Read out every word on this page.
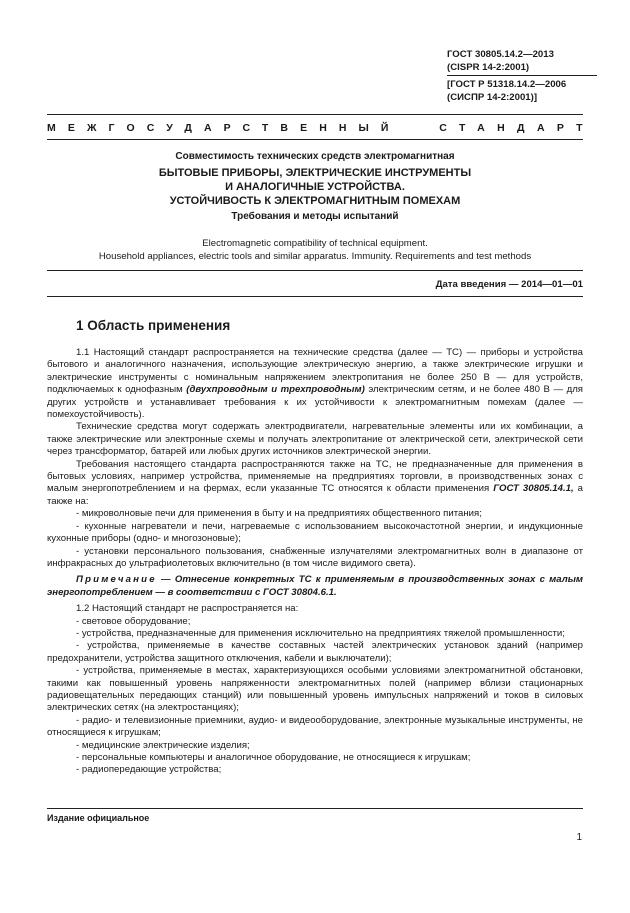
ГОСТ 30805.14.2—2013
(CISPR 14-2:2001)
[ГОСТ Р 51318.14.2—2006
(СИСПР 14-2:2001)]
МЕЖГОСУДАРСТВЕННЫЙ	СТАНДАРТ
Совместимость технических средств электромагнитная
БЫТОВЫЕ ПРИБОРЫ, ЭЛЕКТРИЧЕСКИЕ ИНСТРУМЕНТЫ
И АНАЛОГИЧНЫЕ УСТРОЙСТВА.
УСТОЙЧИВОСТЬ К ЭЛЕКТРОМАГНИТНЫМ ПОМЕХАМ
Требования и методы испытаний
Electromagnetic compatibility of technical equipment.
Household appliances, electric tools and similar apparatus. Immunity. Requirements and test methods
Дата введения — 2014—01—01
1 Область применения

1.1 Настоящий стандарт распространяется на технические средства (далее — ТС) — приборы и устройства бытового и аналогичного назначения, использующие электрическую энергию, а также электрические игрушки и электрические инструменты с номинальным напряжением электропитания не более 250 В — для устройств, подключаемых к однофазным (двухпроводным и трехпроводным) электрическим сетям, и не более 480 В — для других устройств и устанавливает требования к их устойчивости к электромагнитным помехам (далее — помехоустойчивость).

Технические средства могут содержать электродвигатели, нагревательные элементы или их комбинации, а также электрические или электронные схемы и получать электропитание от электрической сети, электрической сети через трансформатор, батарей или любых других источников электрической энергии.

Требования настоящего стандарта распространяются также на ТС, не предназначенные для применения в бытовых условиях, например устройства, применяемые на предприятиях торговли, в производственных зонах с малым энергопотреблением и на фермах, если указанные ТС относятся к области применения ГОСТ 30805.14.1, а также на:

- микроволновые печи для применения в быту и на предприятиях общественного питания;

- кухонные нагреватели и печи, нагреваемые с использованием высокочастотной энергии, и индукционные кухонные приборы (одно- и многозоновые);

- установки персонального пользования, снабженные излучателями электромагнитных волн в диапазоне от инфракрасных до ультрафиолетовых включительно (в том числе видимого света).

Примечание — Отнесение конкретных ТС к применяемым в производственных зонах с малым энергопотреблением — в соответствии с ГОСТ 30804.6.1.

1.2 Настоящий стандарт не распространяется на:

- световое оборудование;

- устройства, предназначенные для применения исключительно на предприятиях тяжелой промышленности;

- устройства, применяемые в качестве составных частей электрических установок зданий (например предохранители, устройства защитного отключения, кабели и выключатели);

- устройства, применяемые в местах, характеризующихся особыми условиями электромагнитной обстановки, такими как повышенный уровень напряженности электромагнитных полей (например вблизи стационарных радиовещательных передающих станций) или повышенный уровень импульсных напряжений и токов в силовых электрических сетях (на электростанциях);

- радио- и телевизионные приемники, аудио- и видеооборудование, электронные музыкальные инструменты, не относящиеся к игрушкам;

- медицинские электрические изделия;

- персональные компьютеры и аналогичное оборудование, не относящиеся к игрушкам;

- радиопередающие устройства;

Издание официальное
1
